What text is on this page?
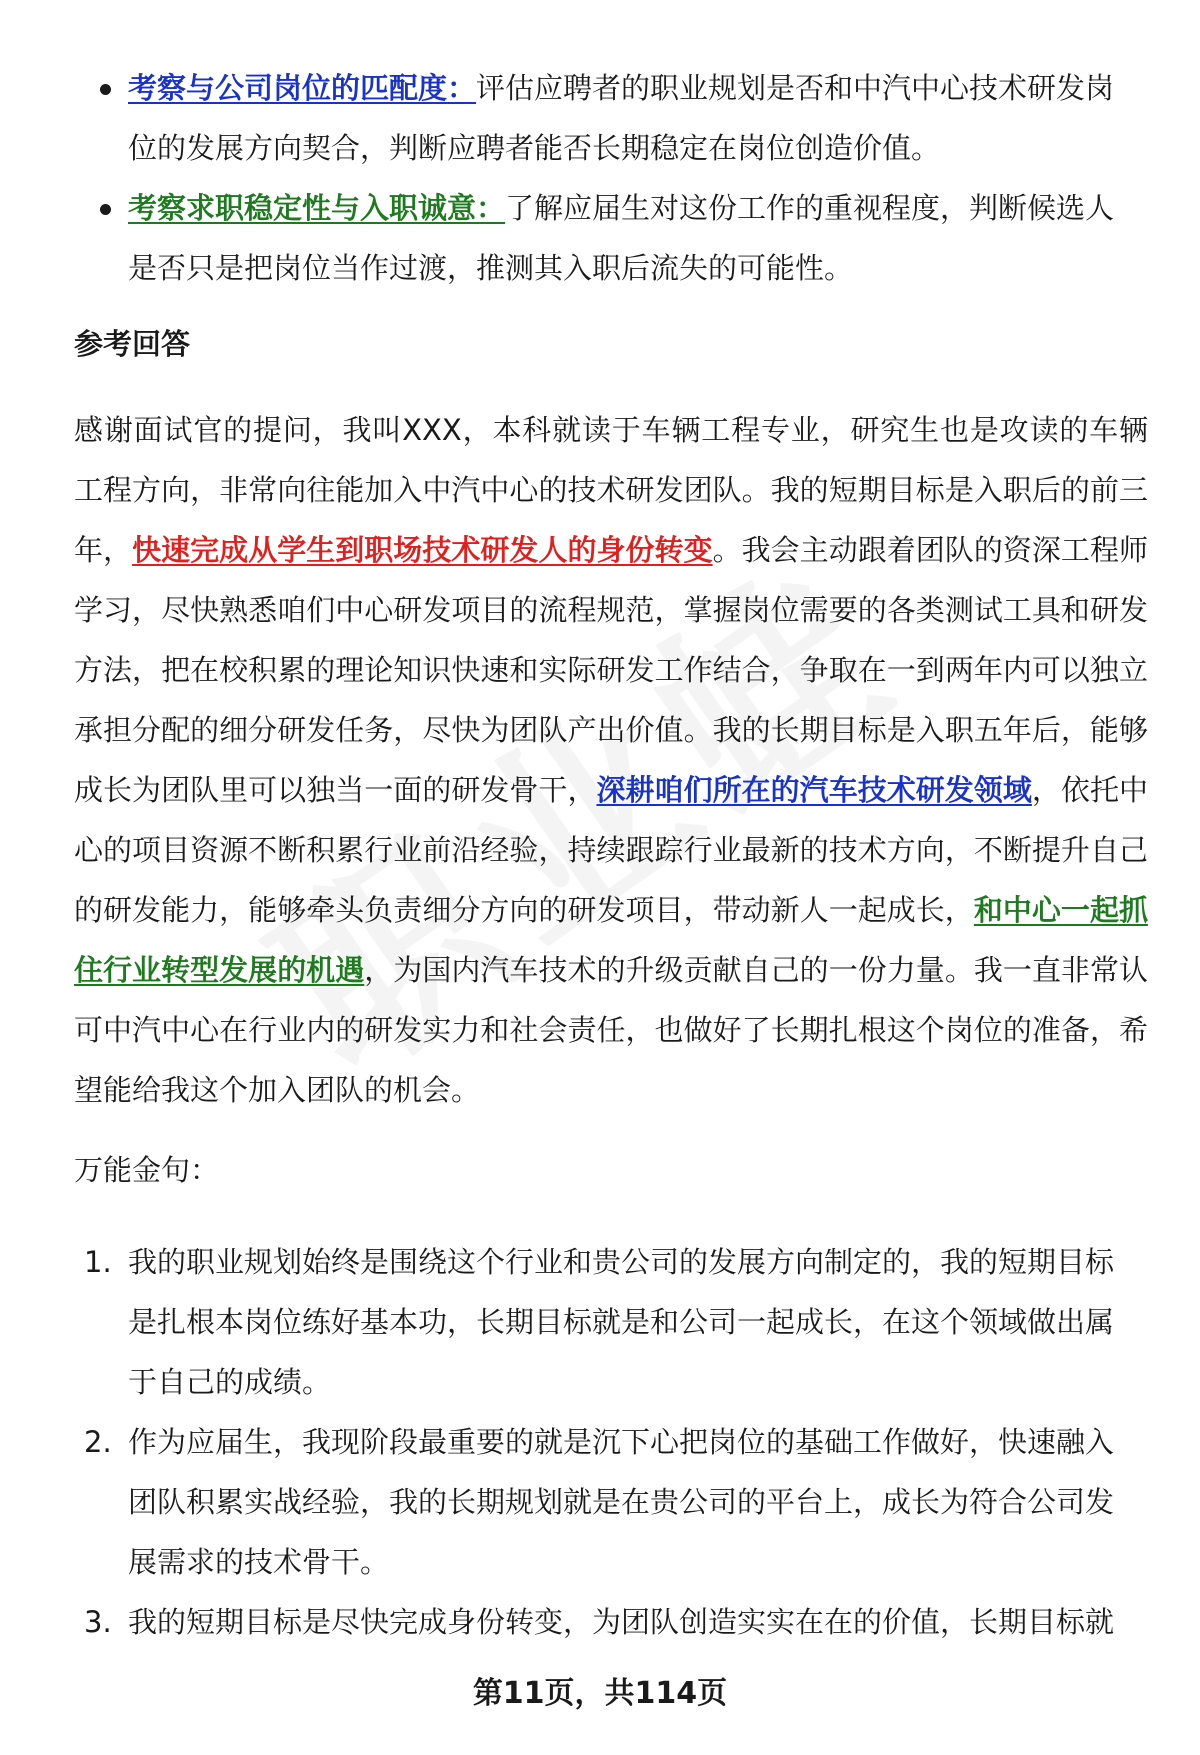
考察与公司岗位的匹配度：评估应聘者的职业规划是否和中汽中心技术研发岗位的发展方向契合，判断应聘者能否长期稳定在岗位创造价值。
考察求职稳定性与入职诚意：了解应届生对这份工作的重视程度，判断候选人是否只是把岗位当作过渡，推测其入职后流失的可能性。
参考回答
感谢面试官的提问，我叫XXX，本科就读于车辆工程专业，研究生也是攻读的车辆工程方向，非常向往能加入中汽中心的技术研发团队。我的短期目标是入职后的前三年，快速完成从学生到职场技术研发人的身份转变。我会主动跟着团队的资深工程师学习，尽快熟悉咱们中心研发项目的流程规范，掌握岗位需要的各类测试工具和研发方法，把在校积累的理论知识快速和实际研发工作结合，争取在一到两年内可以独立承担分配的细分研发任务，尽快为团队产出价值。我的长期目标是入职五年后，能够成长为团队里可以独当一面的研发骨干，深耕咱们所在的汽车技术研发领域，依托中心的项目资源不断积累行业前沿经验，持续跟踪行业最新的技术方向，不断提升自己的研发能力，能够牵头负责细分方向的研发项目，带动新人一起成长，和中心一起抓住行业转型发展的机遇，为国内汽车技术的升级贡献自己的一份力量。我一直非常认可中汽中心在行业内的研发实力和社会责任，也做好了长期扎根这个岗位的准备，希望能给我这个加入团队的机会。
万能金句：
1. 我的职业规划始终是围绕这个行业和贵公司的发展方向制定的，我的短期目标是扎根本岗位练好基本功，长期目标就是和公司一起成长，在这个领域做出属于自己的成绩。
2. 作为应届生，我现阶段最重要的就是沉下心把岗位的基础工作做好，快速融入团队积累实战经验，我的长期规划就是在贵公司的平台上，成长为符合公司发展需求的技术骨干。
3. 我的短期目标是尽快完成身份转变，为团队创造实实在在的价值，长期目标就
第11页，共114页
